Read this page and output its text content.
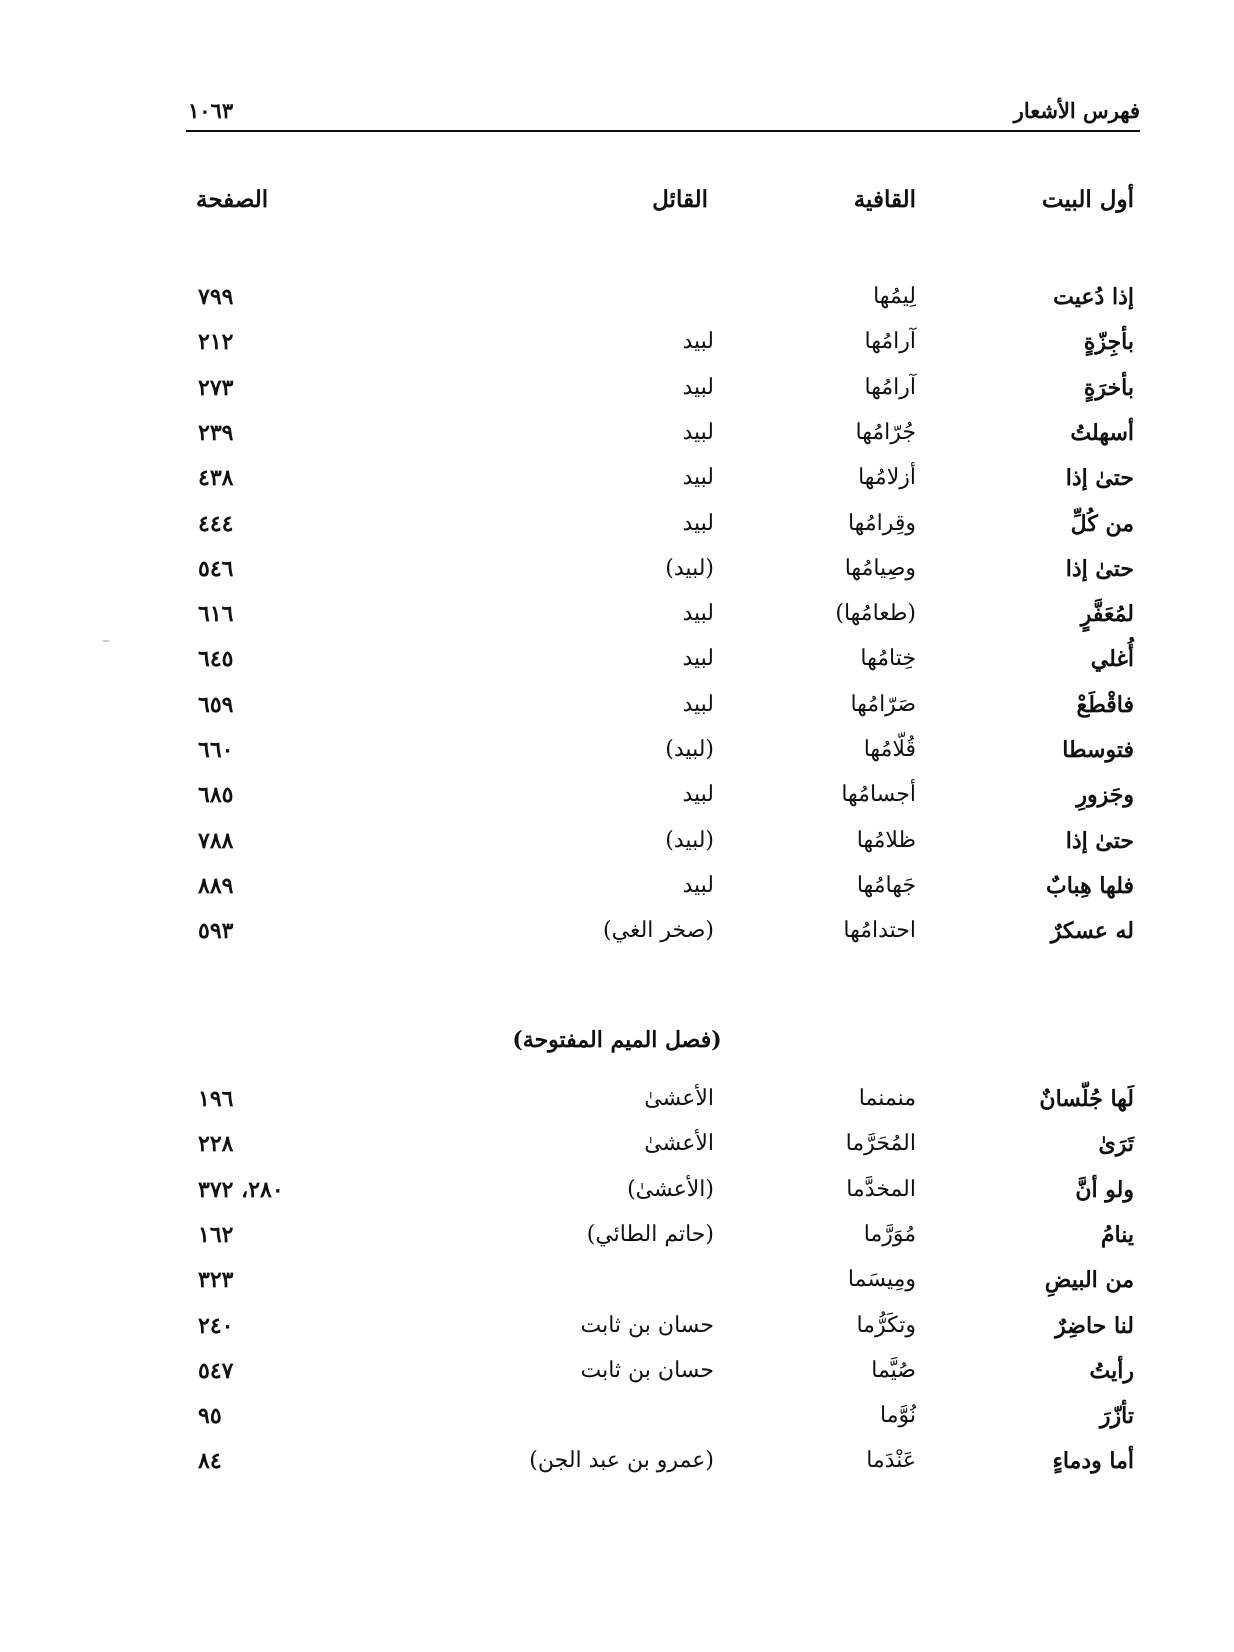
فهرس الأشعار
١٠٦٣
أول البيت
القافية
القائل
الصفحة
إذا دُعيت
لِيمُها
٧٩٩
بأجِزّةٍ
آرامُها
لبيد
٢١٢
بأخرَةٍ
آرامُها
لبيد
٢٧٣
أسهلتُ
جُرّامُها
لبيد
٢٣٩
حتىٰ إذا
أزلامُها
لبيد
٤٣٨
من كُلِّ
وقِرامُها
لبيد
٤٤٤
حتىٰ إذا
وصِيامُها
(لبيد)
٥٤٦
لمُعَفَّرٍ
(طعامُها)
لبيد
٦١٦
أُغلي
خِتامُها
لبيد
٦٤٥
فاقْطَعْ
صَرّامُها
لبيد
٦٥٩
فتوسطا
قُلّامُها
(لبيد)
٦٦٠
وجَزورِ
أجسامُها
لبيد
٦٨٥
حتىٰ إذا
ظلامُها
(لبيد)
٧٨٨
فلها هِبابٌ
جَهامُها
لبيد
٨٨٩
له عسكرٌ
احتدامُها
(صخر الغي)
٥٩٣
(فصل الميم المفتوحة)
لَها جُلّسانٌ
منمنما
الأعشىٰ
١٩٦
تَرَىٰ
المُحَرَّما
الأعشىٰ
٢٢٨
ولو أنَّ
المخدَّما
(الأعشىٰ)
٢٨٠، ٣٧٢
ينامُ
مُوَرَّما
(حاتم الطائي)
١٦٢
من البيضِ
ومِيسَما
٣٢٣
لنا حاضِرٌ
وتكَرُّما
حسان بن ثابت
٢٤٠
رأيتُ
صُيَّما
حسان بن ثابت
٥٤٧
تأزّرَ
نُوَّما
٩٥
أما ودماءٍ
عَنْدَما
(عمرو بن عبد الجن)
٨٤
